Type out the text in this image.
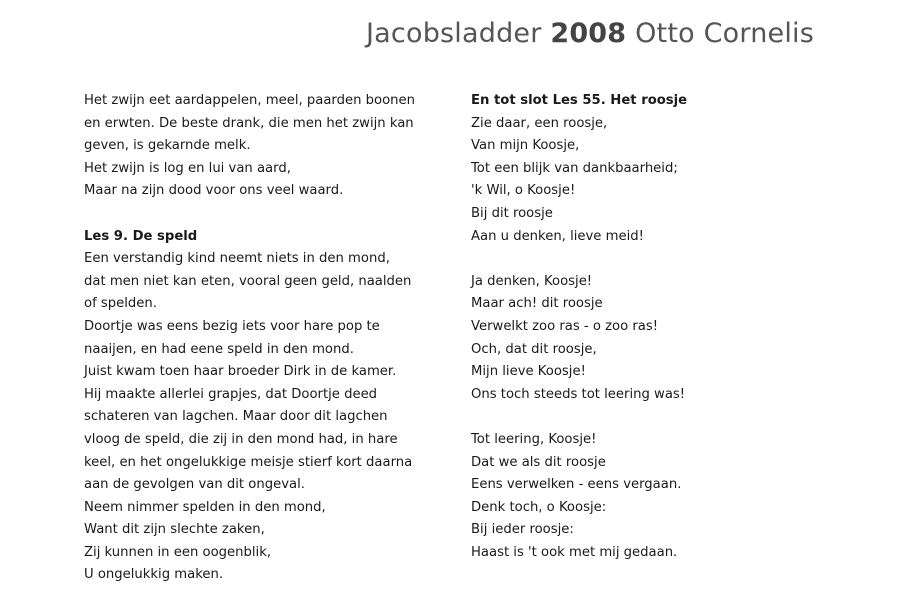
Jacobsladder 2008 Otto Cornelis
Het zwijn eet aardappelen, meel, paarden boonen
en erwten. De beste drank, die men het zwijn kan
geven, is gekarnde melk.
Het zwijn is log en lui van aard,
Maar na zijn dood voor ons veel waard.
Les 9. De speld
Een verstandig kind neemt niets in den mond,
dat men niet kan eten, vooral geen geld, naalden
of spelden.
Doortje was eens bezig iets voor hare pop te
naaijen, en had eene speld in den mond.
Juist kwam toen haar broeder Dirk in de kamer.
Hij maakte allerlei grapjes, dat Doortje deed
schateren van lagchen. Maar door dit lagchen
vloog de speld, die zij in den mond had, in hare
keel, en het ongelukkige meisje stierf kort daarna
aan de gevolgen van dit ongeval.
Neem nimmer spelden in den mond,
Want dit zijn slechte zaken,
Zij kunnen in een oogenblik,
U ongelukkig maken.
En tot slot Les 55. Het roosje
Zie daar, een roosje,
Van mijn Koosje,
Tot een blijk van dankbaarheid;
'k Wil, o Koosje!
Bij dit roosje
Aan u denken, lieve meid!
Ja denken, Koosje!
Maar ach! dit roosje
Verwelkt zoo ras - o zoo ras!
Och, dat dit roosje,
Mijn lieve Koosje!
Ons toch steeds tot leering was!
Tot leering, Koosje!
Dat we als dit roosje
Eens verwelken - eens vergaan.
Denk toch, o Koosje:
Bij ieder roosje:
Haast is 't ook met mij gedaan.
